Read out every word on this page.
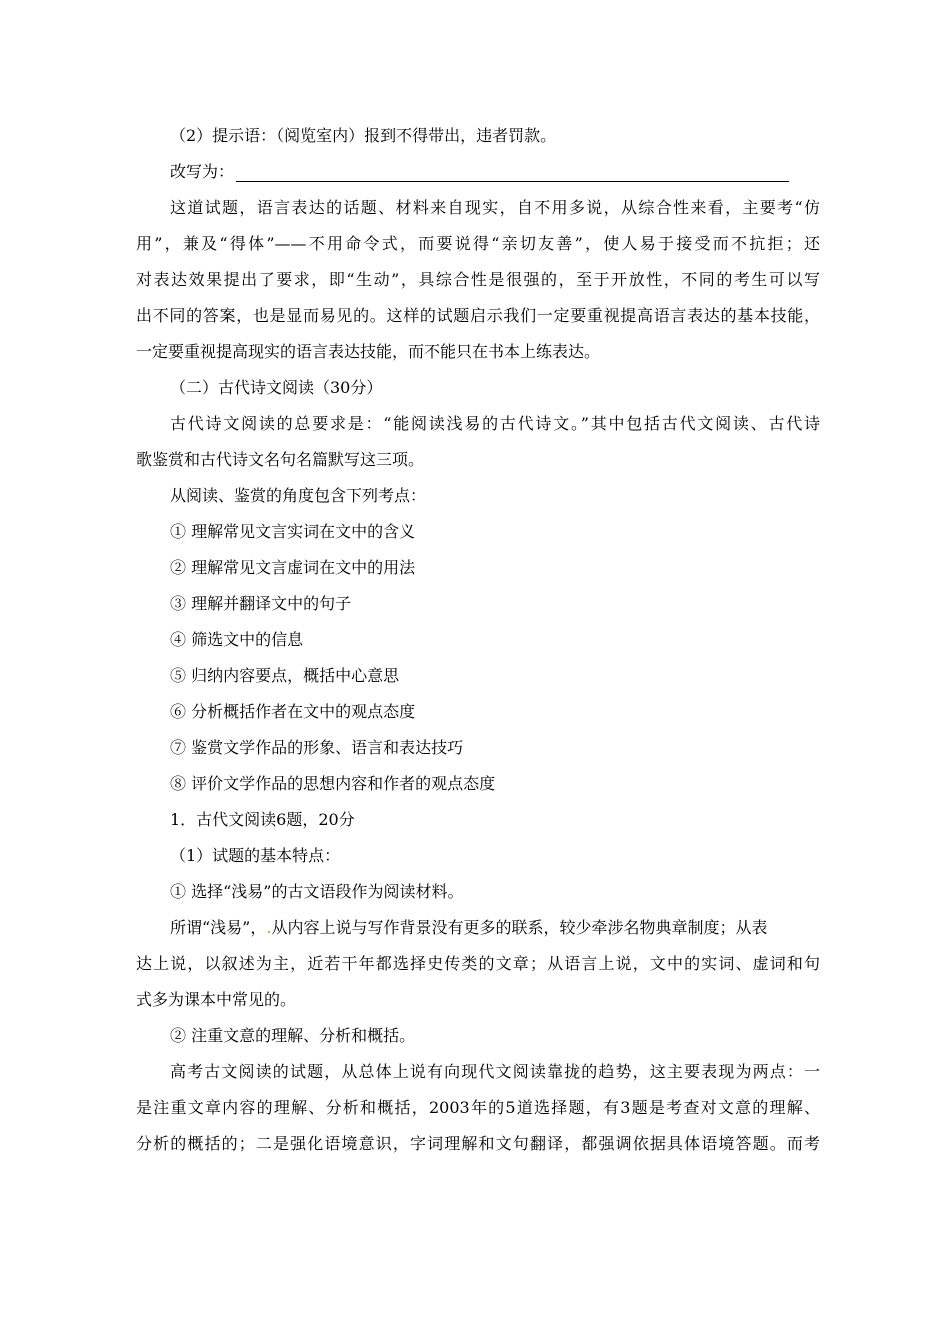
（2）提示语：（阅览室内）报到不得带出，违者罚款。
改写为：
这道试题，语言表达的话题、材料来自现实，自不用多说，从综合性来看，主要考“仿
用”，兼及“得体”——不用命令式，而要说得“亲切友善”，使人易于接受而不抗拒；还
对表达效果提出了要求，即“生动”，具综合性是很强的，至于开放性，不同的考生可以写
出不同的答案，也是显而易见的。这样的试题启示我们一定要重视提高语言表达的基本技能，
一定要重视提高现实的语言表达技能，而不能只在书本上练表达。
（二）古代诗文阅读（30分）
古代诗文阅读的总要求是：“能阅读浅易的古代诗文。”其中包括古代文阅读、古代诗
歌鉴赏和古代诗文名句名篇默写这三项。
从阅读、鉴赏的角度包含下列考点：
① 理解常见文言实词在文中的含义
② 理解常见文言虚词在文中的用法
③ 理解并翻译文中的句子
④ 筛选文中的信息
⑤ 归纳内容要点，概括中心意思
⑥ 分析概括作者在文中的观点态度
⑦ 鉴赏文学作品的形象、语言和表达技巧
⑧ 评价文学作品的思想内容和作者的观点态度
1．古代文阅读6题，20分
（1）试题的基本特点：
① 选择“浅易”的古文语段作为阅读材料。
所谓“浅易”，.从内容上说与写作背景没有更多的联系，较少牵涉名物典章制度；从表
达上说，以叙述为主，近若干年都选择史传类的文章；从语言上说，文中的实词、虚词和句
式多为课本中常见的。
② 注重文意的理解、分析和概括。
高考古文阅读的试题，从总体上说有向现代文阅读靠拢的趋势，这主要表现为两点：一
是注重文章内容的理解、分析和概括，2003年的5道选择题，有3题是考查对文意的理解、
分析的概括的；二是强化语境意识，字词理解和文句翻译，都强调依据具体语境答题。而考
